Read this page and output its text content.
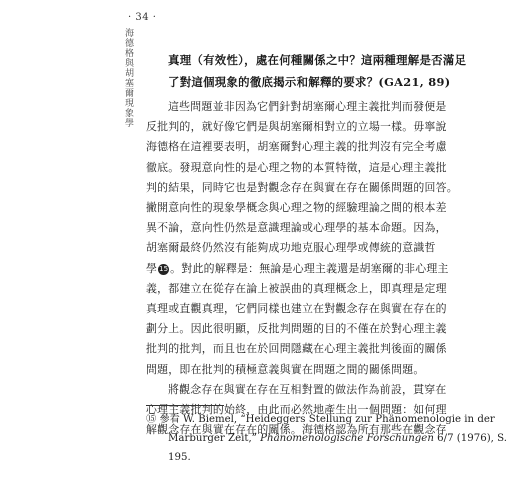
· 34 ·
海德格與胡塞爾現象學	真理（有效性），處在何種關係之中？這兩種理解是否滿足

了對這個現象的徹底揭示和解釋的要求？(GA21, 89)

這些問題並非因為它們針對胡塞爾心理主義批判而發便是

反批判的，就好像它們是與胡塞爾相對立的立場一樣。毋寧說

海德格在這裡要表明，胡塞爾對心理主義的批判沒有完全考慮

徹底。發現意向性的是心理之物的本質特徵，這是心理主義批

判的結果，同時它也是對觀念存在與實在存在關係問題的回答。

撇開意向性的現象學概念與心理之物的經驗理論之間的根本差

異不論，意向性仍然是意識理論或心理學的基本命題。因為，

胡塞爾最終仍然沒有能夠成功地克服心理學或傳統的意識哲

學 15 。對此的解釋是：無論是心理主義還是胡塞爾的非心理主

義，都建立在從存在論上被誤曲的真理概念上，即真理是定理

真理或直觀真理，它們同樣也建立在對觀念存在與實在存在的

劃分上。因此很明顯，反批判問題的目的不僅在於對心理主義

批判的批判，而且也在於回問隱藏在心理主義批判後面的關係

問題，即在批判的積極意義與實在問題之間的關係問題。

將觀念存在與實在存在互相對置的做法作為前設，貫穿在

心理主義批判的始終，由此而必然地產生出一個問題：如何理

解觀念存在與實在存在的關係。海德格認為所有那些在觀念存

⑮ 參看 W. Biemel, “Heideggers Stellung zur Phänomenologie in der

Marburger Zeit,” Phänomenologische Forschungen 6/7 (1976), S.

195.
